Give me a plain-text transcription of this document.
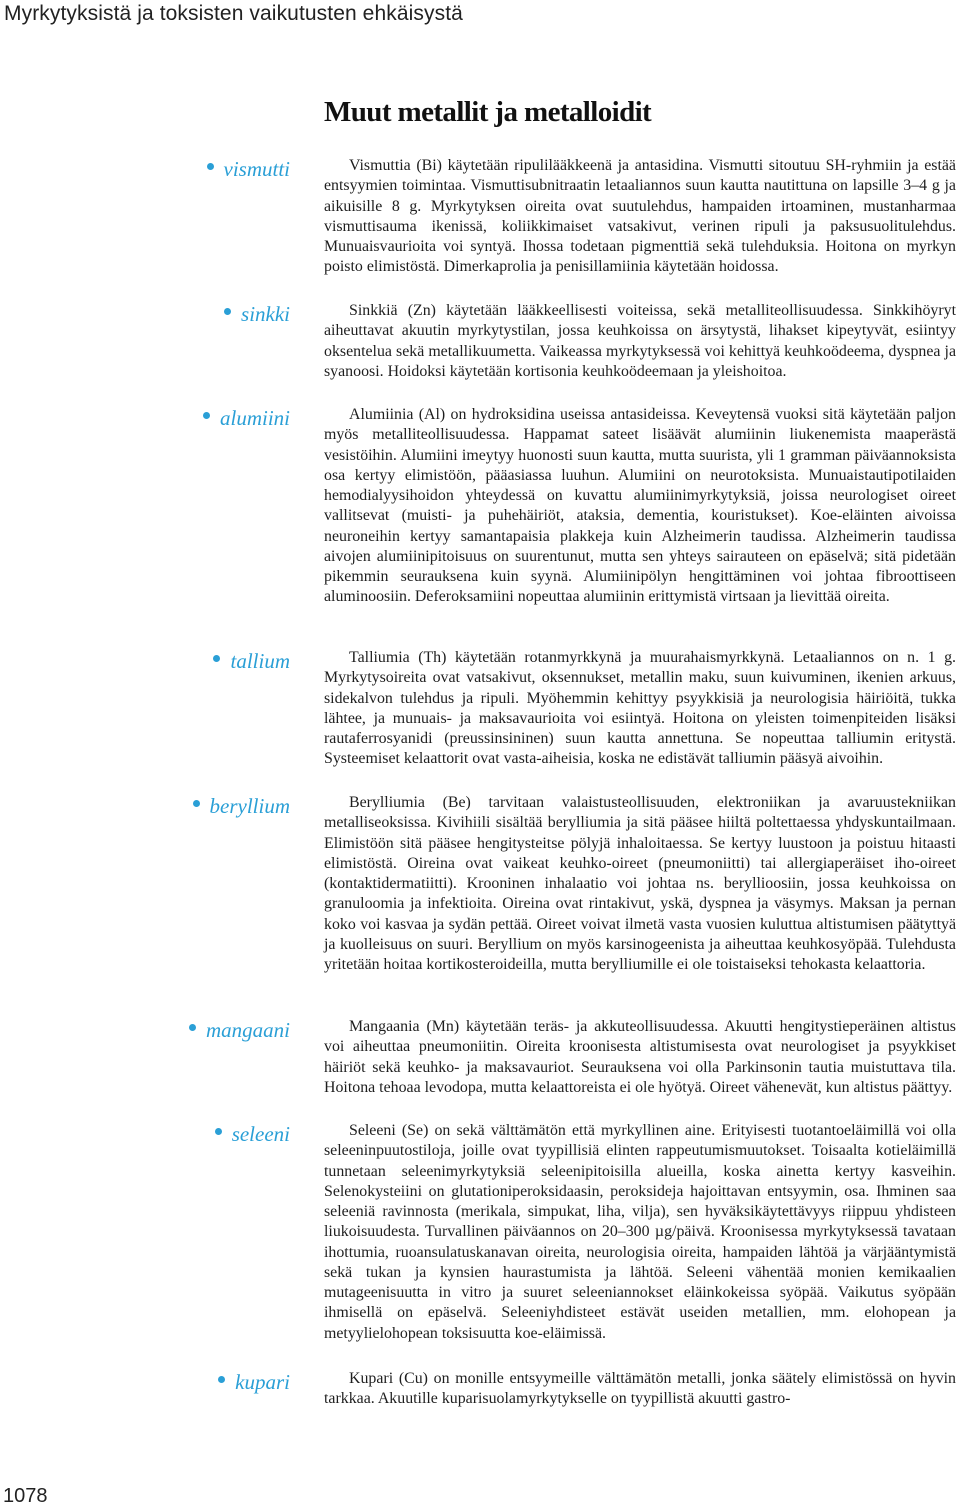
Myrkytyksistä ja toksisten vaikutusten ehkäisystä
Muut metallit ja metalloidit
vismutti
sinkki
alumiini
tallium
beryllium
mangaani
seleeni
kupari

Vismuttia (Bi) käytetään ripulilääkkeenä ja antasidina. Vismutti sitoutuu SH-ryhmiin ja estää entsyymien toimintaa. Vismuttisubnitraatin letaaliannos suun kautta nautittuna on lapsille 3–4 g ja aikuisille 8 g. Myrkytyksen oireita ovat suutulehdus, hampaiden irtoaminen, mustanharmaa vismuttisauma ikenissä, koliikkimaiset vatsakivut, verinen ripuli ja paksusuolitulehdus. Munuaisvaurioita voi syntyä. Ihossa todetaan pigmenttiä sekä tulehduksia. Hoitona on myrkyn poisto elimistöstä. Dimerkaprolia ja penisillamiinia käytetään hoidossa.

Sinkkiä (Zn) käytetään lääkkeellisesti voiteissa, sekä metalliteollisuudessa. Sinkkihöyryt aiheuttavat akuutin myrkytystilan, jossa keuhkoissa on ärsytystä, lihakset kipeytyvät, esiintyy oksentelua sekä metallikuumetta. Vaikeassa myrkytyksessä voi kehittyä keuhkoödeema, dyspnea ja syanoosi. Hoidoksi käytetään kortisonia keuhkoödeemaan ja yleishoitoa.

Alumiinia (Al) on hydroksidina useissa antasideissa. Keveytensä vuoksi sitä käytetään paljon myös metalliteollisuudessa. Happamat sateet lisäävät alumiinin liukenemista maaperästä vesistöihin. Alumiini imeytyy huonosti suun kautta, mutta suurista, yli 1 gramman päiväannoksista osa kertyy elimistöön, pääasiassa luuhun. Alumiini on neurotoksista. Munuaistautipotilaiden hemodialyysihoidon yhteydessä on kuvattu alumiinimyrkytyksiä, joissa neurologiset oireet vallitsevat (muisti- ja puhehäiriöt, ataksia, dementia, kouristukset). Koe-eläinten aivoissa neuroneihin kertyy samantapaisia plakkeja kuin Alzheimerin taudissa. Alzheimerin taudissa aivojen alumiinipitoisuus on suurentunut, mutta sen yhteys sairauteen on epäselvä; sitä pidetään pikemmin seurauksena kuin syynä. Alumiinipölyn hengittäminen voi johtaa fibroottiseen aluminoosiin. Deferoksamiini nopeuttaa alumiinin erittymistä virtsaan ja lievittää oireita.

Talliumia (Th) käytetään rotanmyrkkynä ja muurahaismyrkkynä. Letaaliannos on n. 1 g. Myrkytysoireita ovat vatsakivut, oksennukset, metallin maku, suun kuivuminen, ikenien arkuus, sidekalvon tulehdus ja ripuli. Myöhemmin kehittyy psyykkisiä ja neurologisia häiriöitä, tukka lähtee, ja munuais- ja maksavaurioita voi esiintyä. Hoitona on yleisten toimenpiteiden lisäksi rautaferrosyanidi (preussinsininen) suun kautta annettuna. Se nopeuttaa talliumin eritystä. Systeemiset kelaattorit ovat vasta-aiheisia, koska ne edistävät talliumin pääsyä aivoihin.

Berylliumia (Be) tarvitaan valaistusteollisuuden, elektroniikan ja avaruustekniikan metalliseoksissa. Kivihiili sisältää berylliumia ja sitä pääsee hiiltä poltettaessa yhdyskuntailmaan. Elimistöön sitä pääsee hengitysteitse pölyjä inhaloitaessa. Se kertyy luustoon ja poistuu hitaasti elimistöstä. Oireina ovat vaikeat keuhko-oireet (pneumoniitti) tai allergiaperäiset iho-oireet (kontaktidermatiitti). Krooninen inhalaatio voi johtaa ns. beryllioosiin, jossa keuhkoissa on granuloomia ja infektioita. Oireina ovat rintakivut, yskä, dyspnea ja väsymys. Maksan ja pernan koko voi kasvaa ja sydän pettää. Oireet voivat ilmetä vasta vuosien kuluttua altistumisen päätyttyä ja kuolleisuus on suuri. Beryllium on myös karsinogeenista ja aiheuttaa keuhkosyöpää. Tulehdusta yritetään hoitaa kortikosteroideilla, mutta berylliumille ei ole toistaiseksi tehokasta kelaattoria.

Mangaania (Mn) käytetään teräs- ja akkuteollisuudessa. Akuutti hengitystieperäinen altistus voi aiheuttaa pneumoniitin. Oireita kroonisesta altistumisesta ovat neurologiset ja psyykkiset häiriöt sekä keuhko- ja maksavauriot. Seurauksena voi olla Parkinsonin tautia muistuttava tila. Hoitona tehoaa levodopa, mutta kelaattoreista ei ole hyötyä. Oireet vähenevät, kun altistus päättyy.

Seleeni (Se) on sekä välttämätön että myrkyllinen aine. Erityisesti tuotantoeläimillä voi olla seleeninpuutostiloja, joille ovat tyypillisiä elinten rappeutumismuutokset. Toisaalta kotieläimillä tunnetaan seleenimyrkytyksiä seleenipitoisilla alueilla, koska ainetta kertyy kasveihin. Selenokysteiini on glutationiperoksidaasin, peroksideja hajoittavan entsyymin, osa. Ihminen saa seleeniä ravinnosta (merikala, simpukat, liha, vilja), sen hyväksikäytettävyys riippuu yhdisteen liukoisuudesta. Turvallinen päiväannos on 20–300 µg/päivä. Kroonisessa myrkytyksessä tavataan ihottumia, ruoansulatuskanavan oireita, neurologisia oireita, hampaiden lähtöä ja värjääntymistä sekä tukan ja kynsien haurastumista ja lähtöä. Seleeni vähentää monien kemikaalien mutageenisuutta in vitro ja suuret seleeniannokset eläinkokeissa syöpää. Vaikutus syöpään ihmisellä on epäselvä. Seleeniyhdisteet estävät useiden metallien, mm. elohopean ja metyylielohopean toksisuutta koe-eläimissä.

Kupari (Cu) on monille entsyymeille välttämätön metalli, jonka säätely elimistössä on hyvin tarkkaa. Akuutille kuparisuolamyrkytykselle on tyypillistä akuutti gastro-

1078
